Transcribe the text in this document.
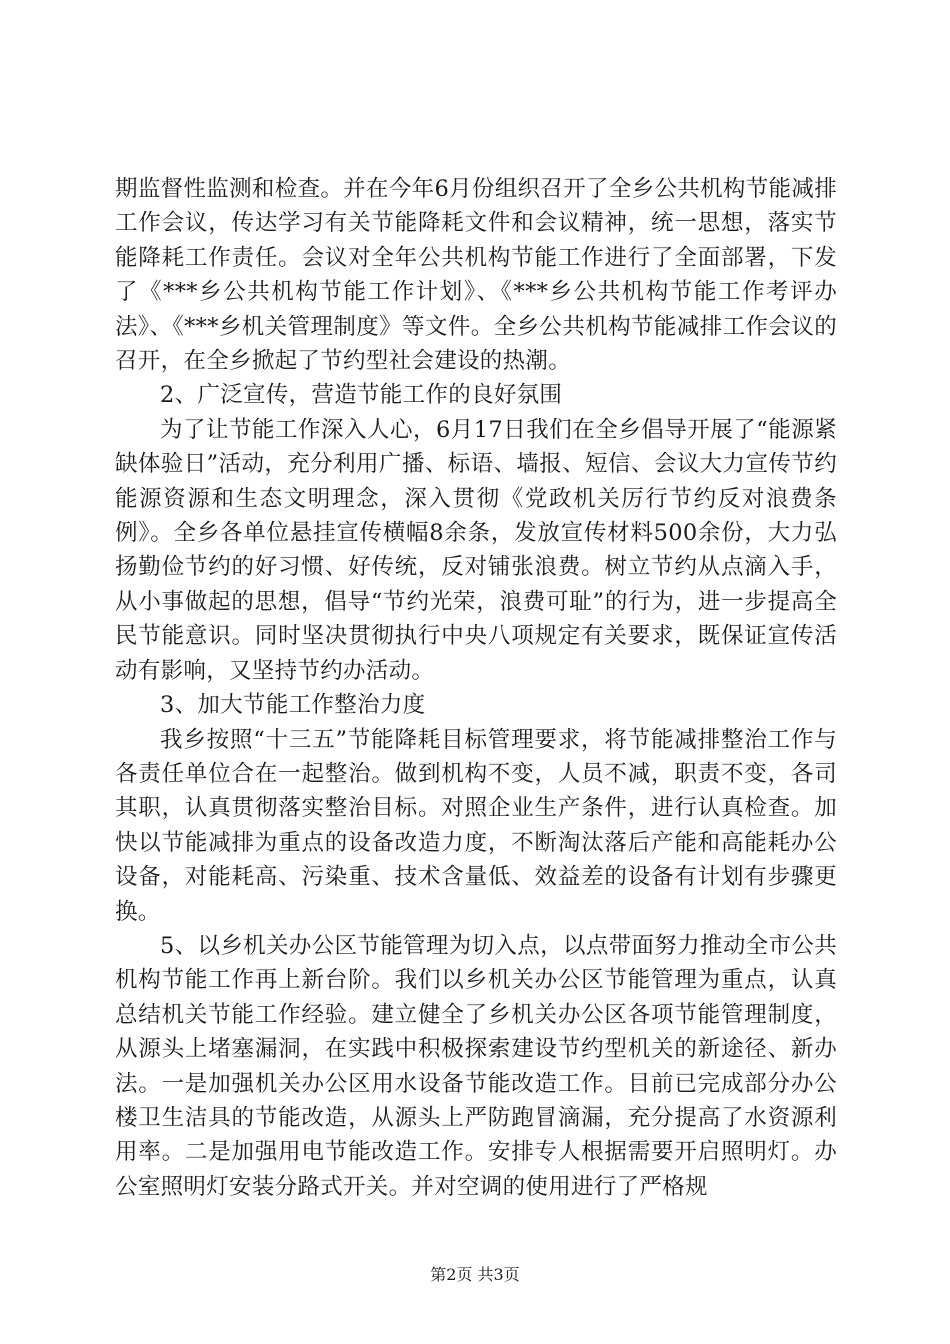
期监督性监测和检查。并在今年6月份组织召开了全乡公共机构节能减排工作会议，传达学习有关节能降耗文件和会议精神，统一思想，落实节能降耗工作责任。会议对全年公共机构节能工作进行了全面部署，下发了《***乡公共机构节能工作计划》、《***乡公共机构节能工作考评办法》、《***乡机关管理制度》等文件。全乡公共机构节能减排工作会议的召开，在全乡掀起了节约型社会建设的热潮。

2、广泛宣传，营造节能工作的良好氛围

为了让节能工作深入人心，6月17日我们在全乡倡导开展了“能源紧缺体验日”活动，充分利用广播、标语、墙报、短信、会议大力宣传节约能源资源和生态文明理念，深入贯彻《党政机关厉行节约反对浪费条例》。全乡各单位悬挂宣传横幅8余条，发放宣传材料500余份，大力弘扬勤俭节约的好习惯、好传统，反对铺张浪费。树立节约从点滴入手，从小事做起的思想，倡导“节约光荣，浪费可耻”的行为，进一步提高全民节能意识。同时坚决贯彻执行中央八项规定有关要求，既保证宣传活动有影响，又坚持节约办活动。

3、加大节能工作整治力度

我乡按照“十三五”节能降耗目标管理要求，将节能减排整治工作与各责任单位合在一起整治。做到机构不变，人员不减，职责不变，各司其职，认真贯彻落实整治目标。对照企业生产条件，进行认真检查。加快以节能减排为重点的设备改造力度，不断淘汰落后产能和高能耗办公设备，对能耗高、污染重、技术含量低、效益差的设备有计划有步骤更换。

5、以乡机关办公区节能管理为切入点，以点带面努力推动全市公共机构节能工作再上新台阶。我们以乡机关办公区节能管理为重点，认真总结机关节能工作经验。建立健全了乡机关办公区各项节能管理制度，从源头上堵塞漏洞，在实践中积极探索建设节约型机关的新途径、新办法。一是加强机关办公区用水设备节能改造工作。目前已完成部分办公楼卫生洁具的节能改造，从源头上严防跑冒滴漏，充分提高了水资源利用率。二是加强用电节能改造工作。安排专人根据需要开启照明灯。办公室照明灯安装分路式开关。并对空调的使用进行了严格规

第2页 共3页
